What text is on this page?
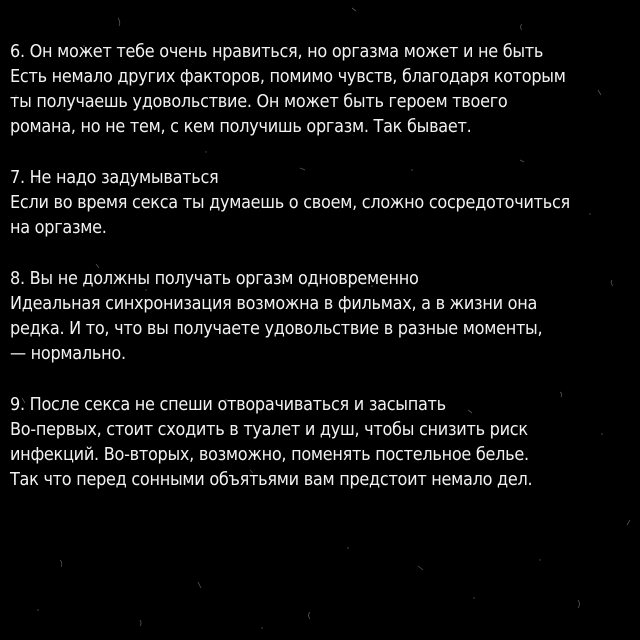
6. Он может тебе очень нравиться, но оргазма может и не быть
Есть немало других факторов, помимо чувств, благодаря которым
ты получаешь удовольствие. Он может быть героем твоего
романа, но не тем, с кем получишь оргазм. Так бывает.
7. Не надо задумываться
Если во время секса ты думаешь о своем, сложно сосредоточиться
на оргазме.
8. Вы не должны получать оргазм одновременно
Идеальная синхронизация возможна в фильмах, а в жизни она
редка. И то, что вы получаете удовольствие в разные моменты,
— нормально.
9. После секса не спеши отворачиваться и засыпать
Во-первых, стоит сходить в туалет и душ, чтобы снизить риск
инфекций. Во-вторых, возможно, поменять постельное белье.
Так что перед сонными объятьями вам предстоит немало дел.
